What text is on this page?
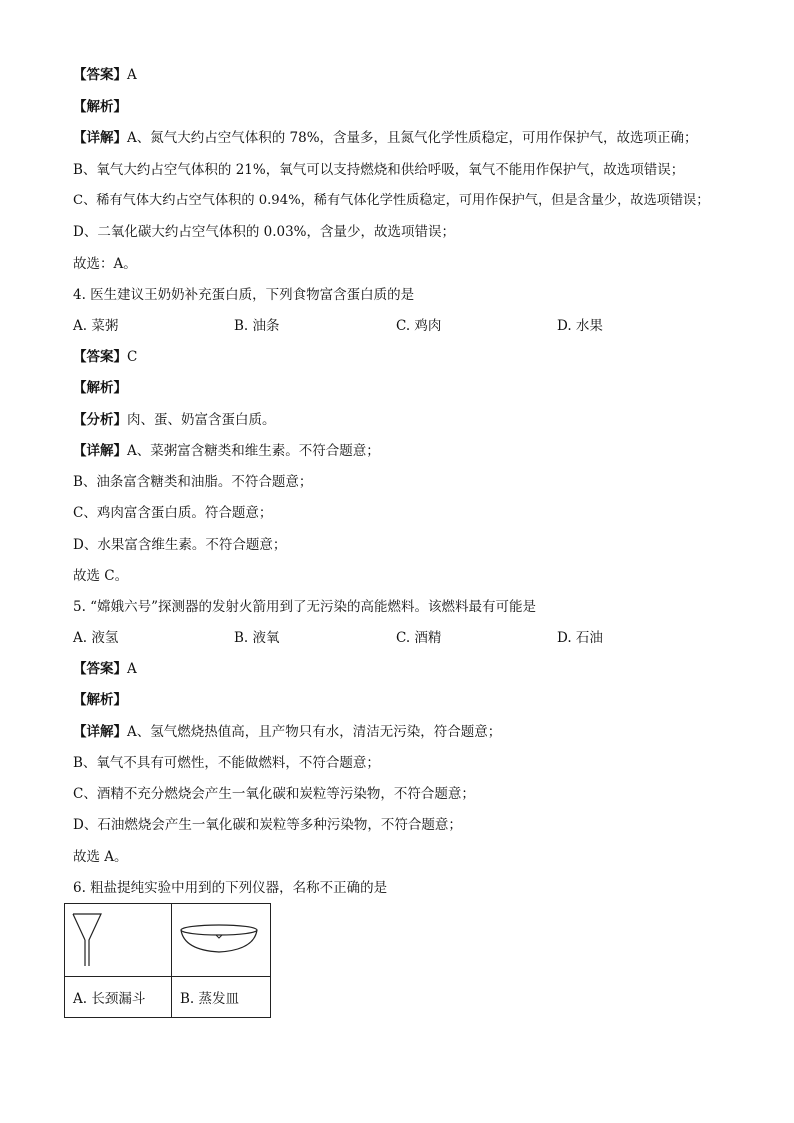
【答案】A
【解析】
【详解】A、氮气大约占空气体积的 78%，含量多，且氮气化学性质稳定，可用作保护气，故选项正确；
B、氧气大约占空气体积的 21%，氧气可以支持燃烧和供给呼吸，氧气不能用作保护气，故选项错误；
C、稀有气体大约占空气体积的 0.94%，稀有气体化学性质稳定，可用作保护气，但是含量少，故选项错误；
D、二氧化碳大约占空气体积的 0.03%，含量少，故选项错误；
故选：A。
4. 医生建议王奶奶补充蛋白质，下列食物富含蛋白质的是
A. 菜粥	B. 油条	C. 鸡肉	D. 水果
【答案】C
【解析】
【分析】肉、蛋、奶富含蛋白质。
【详解】A、菜粥富含糖类和维生素。不符合题意；
B、油条富含糖类和油脂。不符合题意；
C、鸡肉富含蛋白质。符合题意；
D、水果富含维生素。不符合题意；
故选 C。
5. “嫦娥六号”探测器的发射火箭用到了无污染的高能燃料。该燃料最有可能是
A. 液氢	B. 液氧	C. 酒精	D. 石油
【答案】A
【解析】
【详解】A、氢气燃烧热值高，且产物只有水，清洁无污染，符合题意；
B、氧气不具有可燃性，不能做燃料，不符合题意；
C、酒精不充分燃烧会产生一氧化碳和炭粒等污染物，不符合题意；
D、石油燃烧会产生一氧化碳和炭粒等多种污染物，不符合题意；
故选 A。
6. 粗盐提纯实验中用到的下列仪器，名称不正确的是

A. 长颈漏斗	B. 蒸发皿
